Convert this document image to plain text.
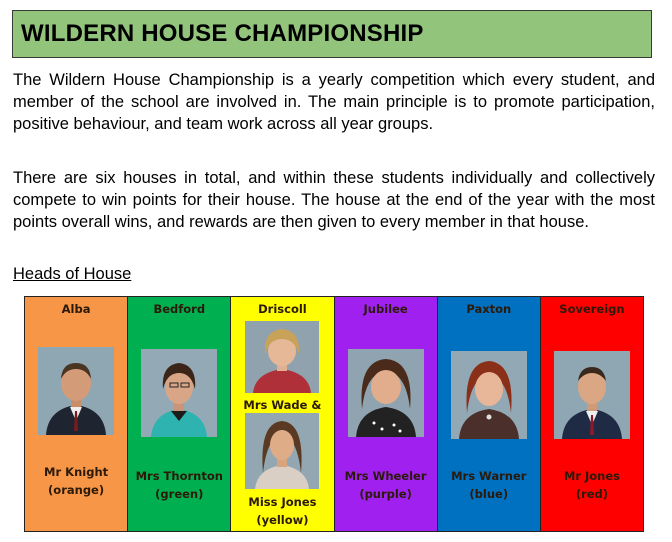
WILDERN HOUSE CHAMPIONSHIP

The Wildern House Championship is a yearly competition which every student, and member of the school are involved in. The main principle is to promote participation, positive behaviour, and team work across all year groups.

There are six houses in total, and within these students individually and collectively compete to win points for their house. The house at the end of the year with the most points overall wins, and rewards are then given to every member in that house.

Heads of House

Alba
Mr Knight
(orange)
Bedford
Mrs Thornton
(green)
Driscoll
Mrs Wade &
Miss Jones
(yellow)
Jubilee
Mrs Wheeler
(purple)
Paxton
Mrs Warner
(blue)
Sovereign
Mr Jones
(red)
